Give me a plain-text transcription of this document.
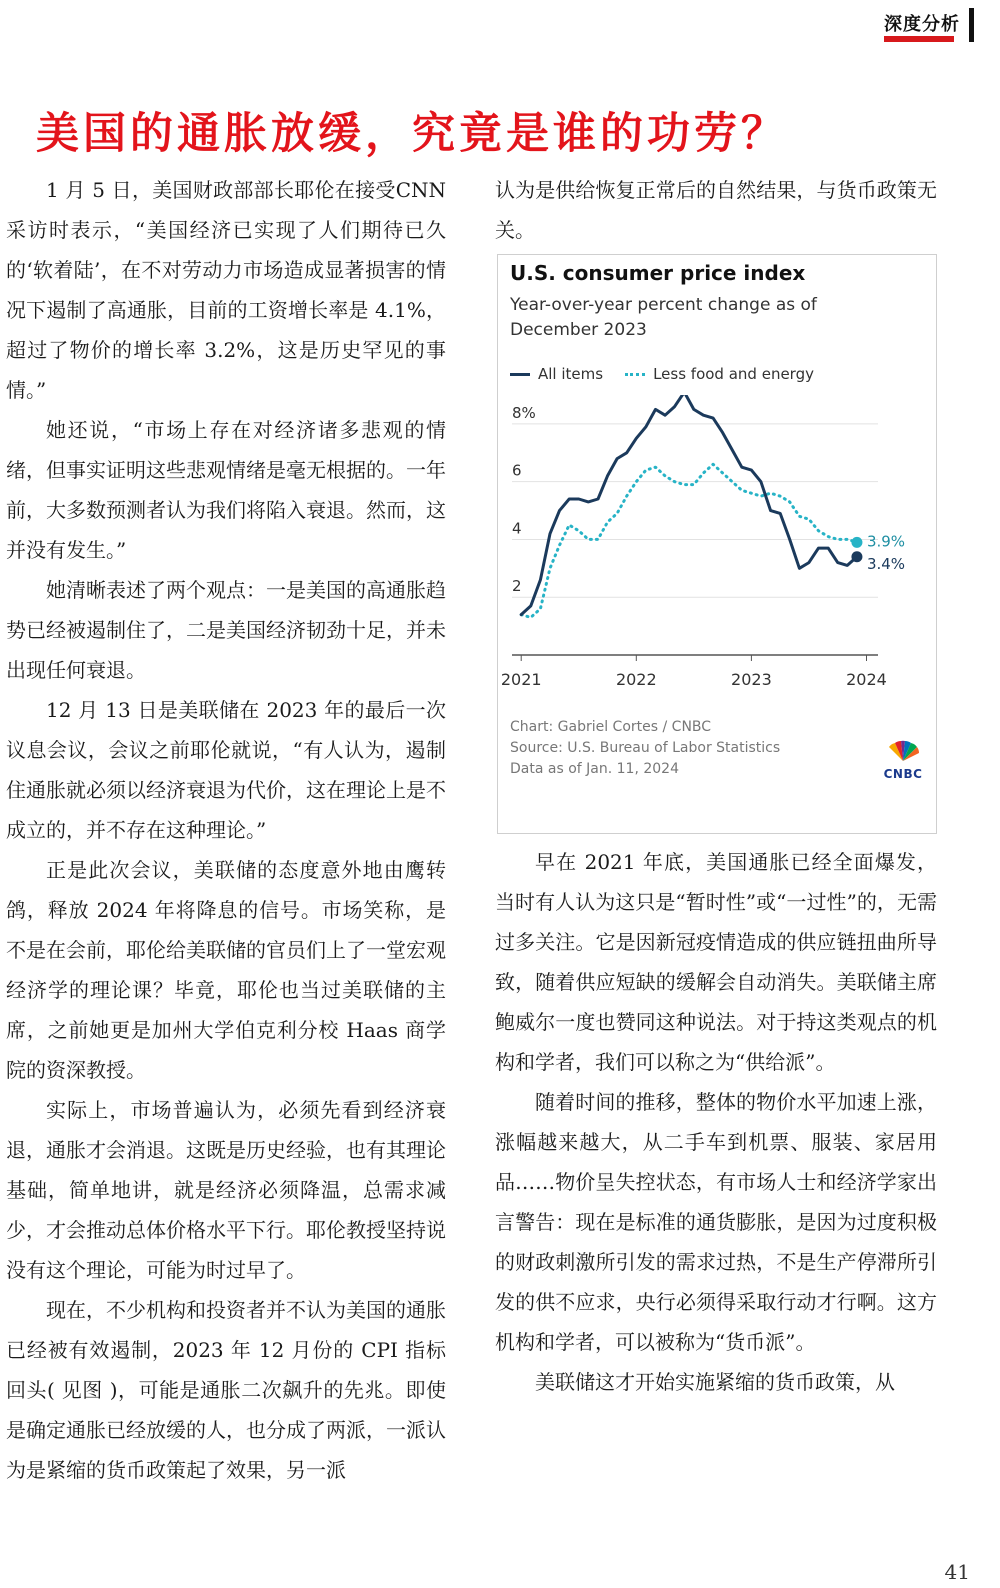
深度分析
美国的通胀放缓，究竟是谁的功劳？

1 月 5 日，美国财政部部长耶伦在接受CNN 采访时表示，“美国经济已实现了人们期待已久的‘软着陆’，在不对劳动力市场造成显著损害的情况下遏制了高通胀，目前的工资增长率是 4.1%，超过了物价的增长率 3.2%，这是历史罕见的事情。”

她还说，“市场上存在对经济诸多悲观的情绪，但事实证明这些悲观情绪是毫无根据的。一年前，大多数预测者认为我们将陷入衰退。然而，这并没有发生。”

她清晰表述了两个观点：一是美国的高通胀趋势已经被遏制住了，二是美国经济韧劲十足，并未出现任何衰退。

12 月 13 日是美联储在 2023 年的最后一次议息会议，会议之前耶伦就说，“有人认为，遏制住通胀就必须以经济衰退为代价，这在理论上是不成立的，并不存在这种理论。”

正是此次会议，美联储的态度意外地由鹰转鸽，释放 2024 年将降息的信号。市场笑称，是不是在会前，耶伦给美联储的官员们上了一堂宏观经济学的理论课？毕竟，耶伦也当过美联储的主席，之前她更是加州大学伯克利分校 Haas 商学院的资深教授。

实际上，市场普遍认为，必须先看到经济衰退，通胀才会消退。这既是历史经验，也有其理论基础，简单地讲，就是经济必须降温，总需求减少，才会推动总体价格水平下行。耶伦教授坚持说没有这个理论，可能为时过早了。

现在，不少机构和投资者并不认为美国的通胀已经被有效遏制，2023 年 12 月份的 CPI 指标回头( 见图 )，可能是通胀二次飙升的先兆。即使是确定通胀已经放缓的人，也分成了两派，一派认为是紧缩的货币政策起了效果，另一派

认为是供给恢复正常后的自然结果，与货币政策无关。

U.S. consumer price index
Year-over-year percent change as of December 2023
All items	Less food and energy
2
4
6
8%
2021	2022	2023	2024
3.9%
3.4%
Chart: Gabriel Cortes / CNBC
Source: U.S. Bureau of Labor Statistics
Data as of Jan. 11, 2024	CNBC

早在 2021 年底，美国通胀已经全面爆发，当时有人认为这只是“暂时性”或“一过性”的，无需过多关注。它是因新冠疫情造成的供应链扭曲所导致，随着供应短缺的缓解会自动消失。美联储主席鲍威尔一度也赞同这种说法。对于持这类观点的机构和学者，我们可以称之为“供给派”。

随着时间的推移，整体的物价水平加速上涨，涨幅越来越大，从二手车到机票、服装、家居用品……物价呈失控状态，有市场人士和经济学家出言警告：现在是标准的通货膨胀，是因为过度积极的财政刺激所引发的需求过热，不是生产停滞所引发的供不应求，央行必须得采取行动才行啊。这方机构和学者，可以被称为“货币派”。

美联储这才开始实施紧缩的货币政策，从

41
